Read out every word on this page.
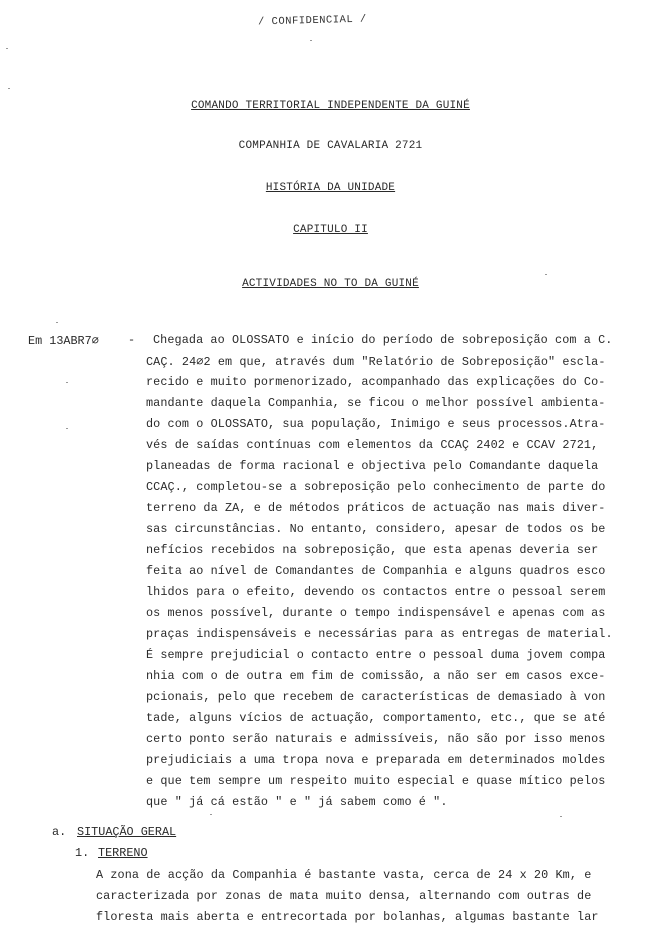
/ CONFIDENCIAL /
COMANDO TERRITORIAL INDEPENDENTE DA GUINÉ
COMPANHIA DE CAVALARIA 2721
HISTÓRIA DA UNIDADE
CAPITULO II
ACTIVIDADES NO TO DA GUINÉ
Em 13ABR7∅ - Chegada ao OLOSSATO e início do período de sobreposição com a C.
CAÇ. 24∅2 em que, através dum "Relatório de Sobreposição" escla-
recido e muito pormenorizado, acompanhado das explicações do Co-
mandante daquela Companhia, se ficou o melhor possível ambienta-
do com o OLOSSATO, sua população, Inimigo e seus processos.Atra-
vés de saídas contínuas com elementos da CCAÇ 2402 e CCAV 2721,
planeadas de forma racional e objectiva pelo Comandante daquela
CCAÇ., completou-se a sobreposição pelo conhecimento de parte do
terreno da ZA, e de métodos práticos de actuação nas mais diver-
sas circunstâncias. No entanto, considero, apesar de todos os be
nefícios recebidos na sobreposição, que esta apenas deveria ser
feita ao nível de Comandantes de Companhia e alguns quadros esco
lhidos para o efeito, devendo os contactos entre o pessoal serem
os menos possível, durante o tempo indispensável e apenas com as
praças indispensáveis e necessárias para as entregas de material.
É sempre prejudicial o contacto entre o pessoal duma jovem compa
nhia com o de outra em fim de comissão, a não ser em casos exce-
pcionais, pelo que recebem de características de demasiado à von
tade, alguns vícios de actuação, comportamento, etc., que se até
certo ponto serão naturais e admissíveis, não são por isso menos
prejudiciais a uma tropa nova e preparada em determinados moldes
e que tem sempre um respeito muito especial e quase mítico pelos
que " já cá estão " e " já sabem como é ".
a. SITUAÇÃO GERAL
1. TERRENO
A zona de acção da Companhia é bastante vasta, cerca de 24 x 20 Km, e
caracterizada por zonas de mata muito densa, alternando com outras de
floresta mais aberta e entrecortada por bolanhas, algumas bastante lar
